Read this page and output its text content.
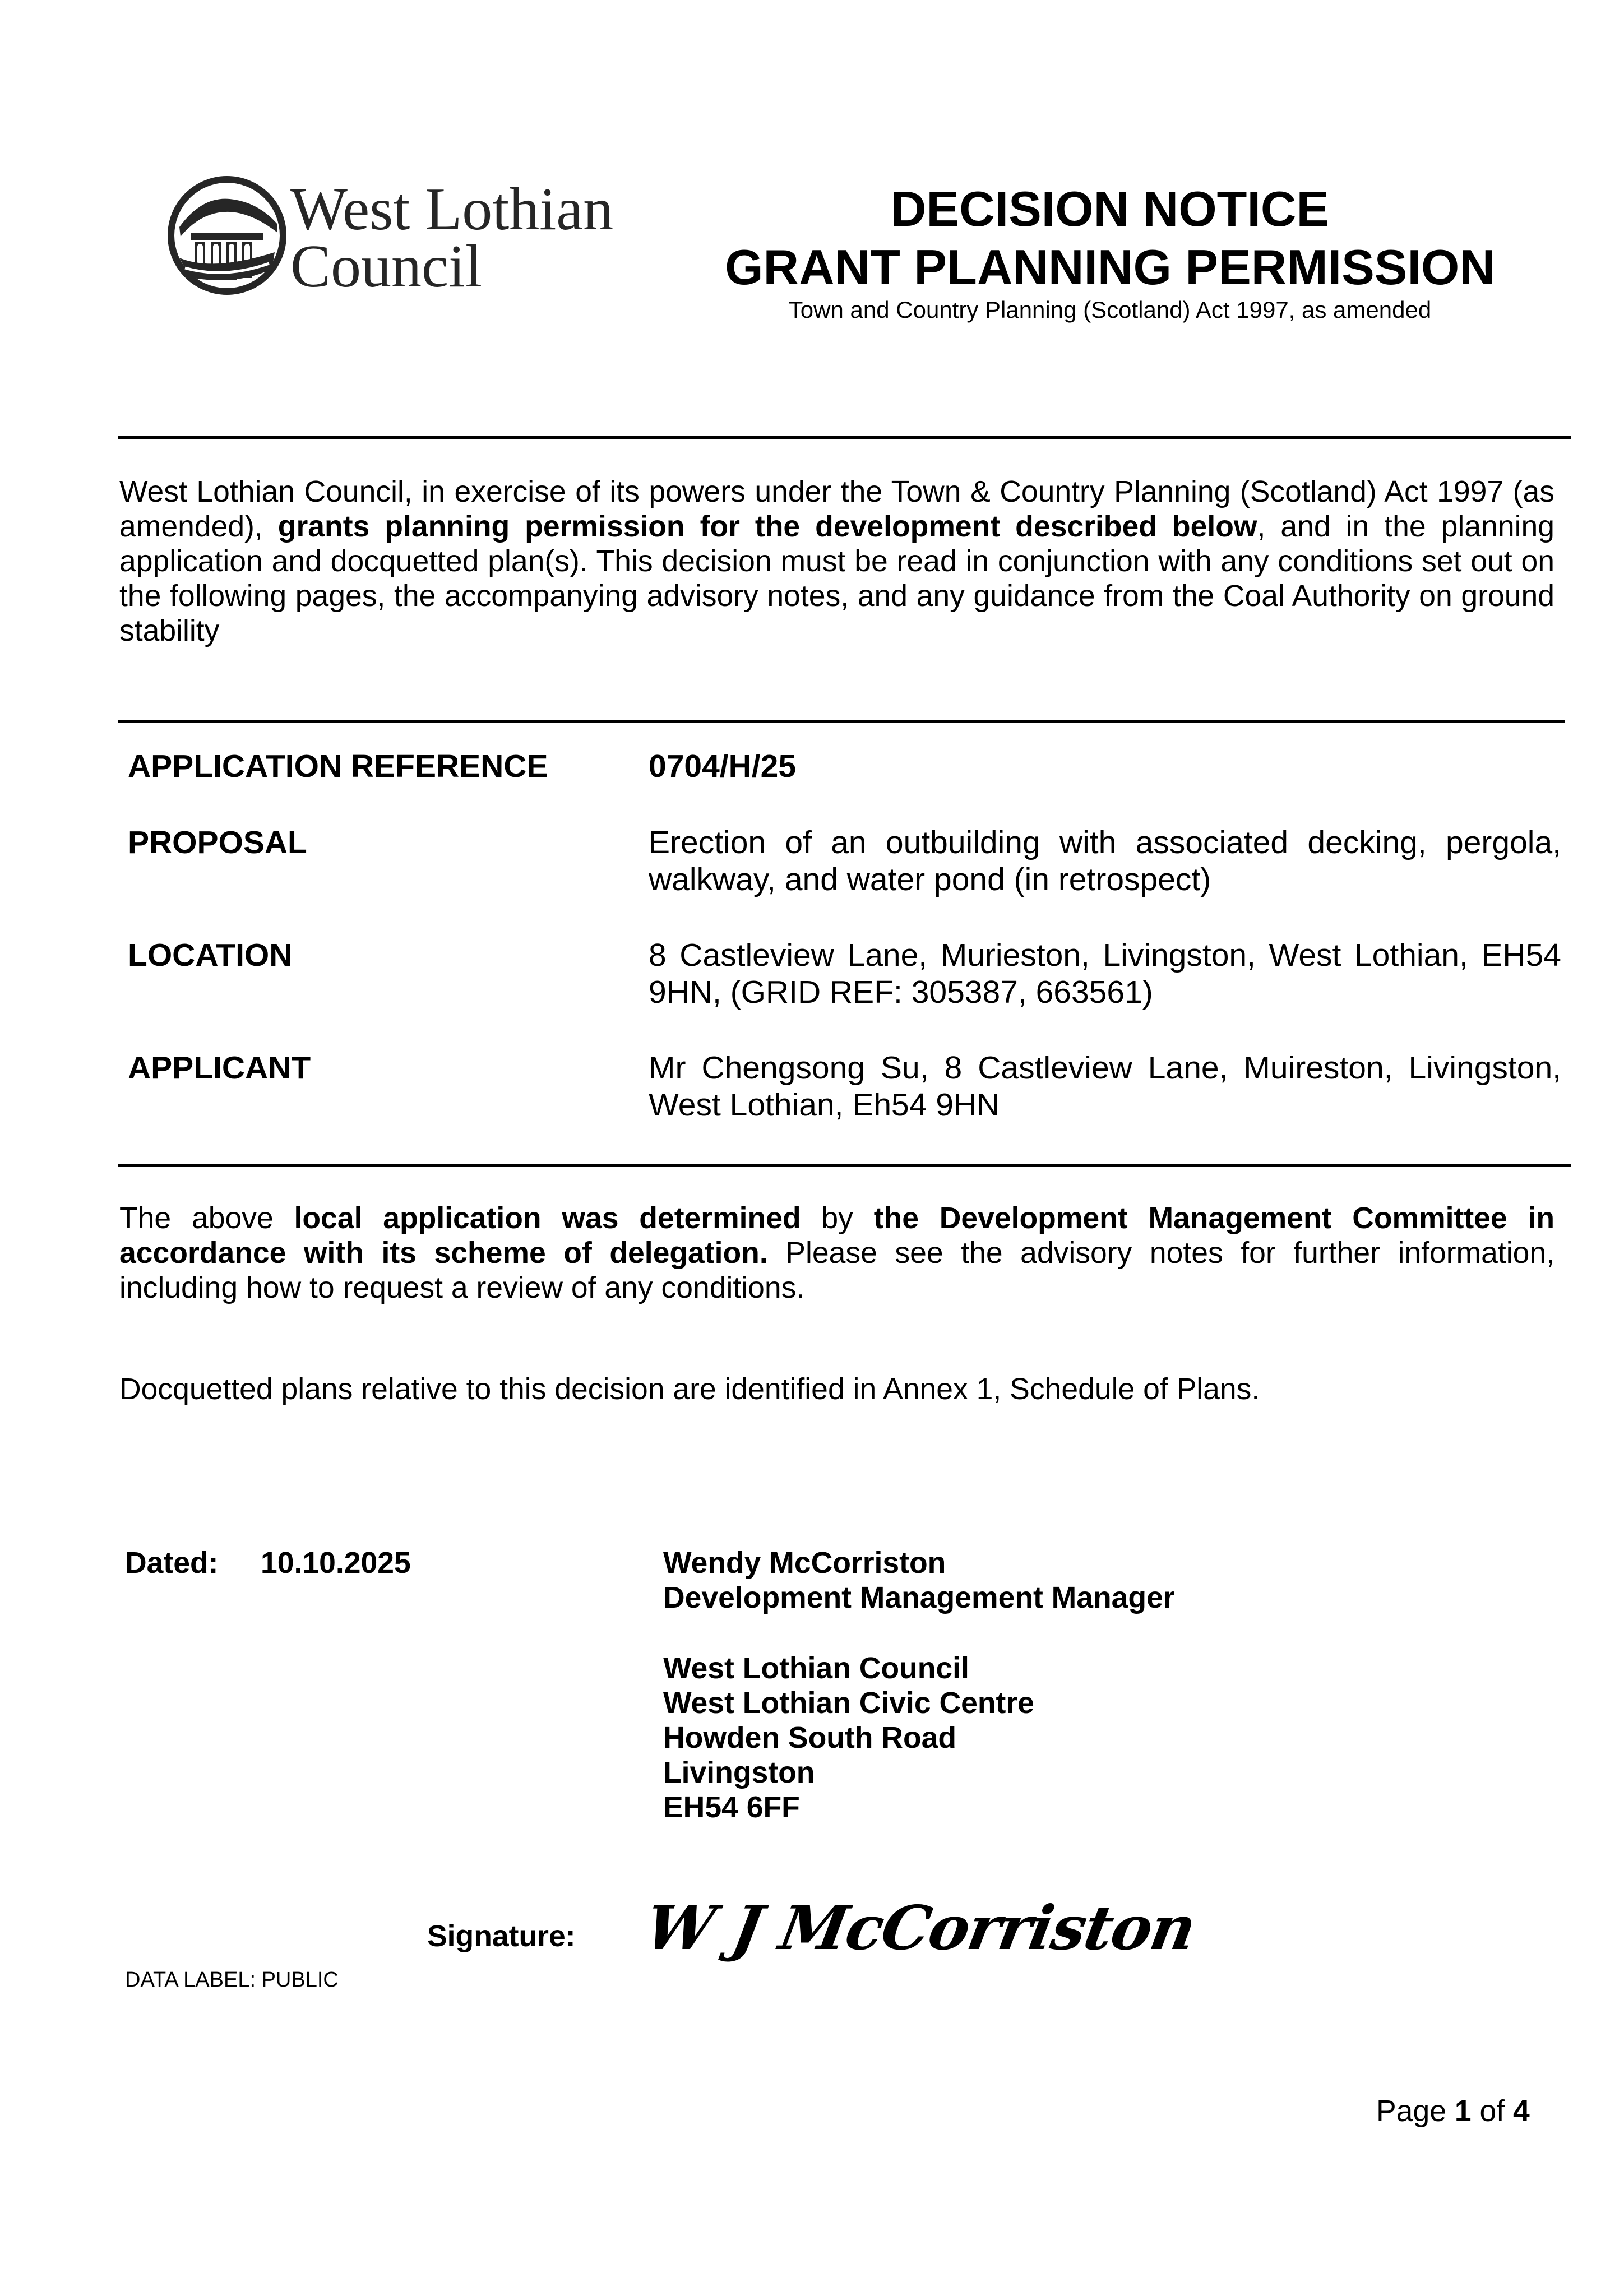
West Lothian
Council
DECISION NOTICE
GRANT PLANNING PERMISSION
Town and Country Planning (Scotland) Act 1997, as amended
West Lothian Council, in exercise of its powers under the Town & Country Planning (Scotland) Act 1997 (as amended), grants planning permission for the development described below, and in the planning application and docquetted plan(s). This decision must be read in conjunction with any conditions set out on the following pages, the accompanying advisory notes, and any guidance from the Coal Authority on ground stability
APPLICATION REFERENCE	0704/H/25
PROPOSAL	Erection of an outbuilding with associated decking, pergola, walkway, and water pond (in retrospect)
LOCATION	8 Castleview Lane, Murieston, Livingston, West Lothian, EH54 9HN, (GRID REF: 305387, 663561)
APPLICANT	Mr Chengsong Su, 8 Castleview Lane, Muireston, Livingston, West Lothian, Eh54 9HN
The above local application was determined by the Development Management Committee in accordance with its scheme of delegation. Please see the advisory notes for further information, including how to request a review of any conditions.
Docquetted plans relative to this decision are identified in Annex 1, Schedule of Plans.
Dated: 10.10.2025	Wendy McCorriston
Development Management Manager
West Lothian Council
West Lothian Civic Centre
Howden South Road
Livingston
EH54 6FF
Signature: W J McCorriston
DATA LABEL: PUBLIC
Page 1 of 4
